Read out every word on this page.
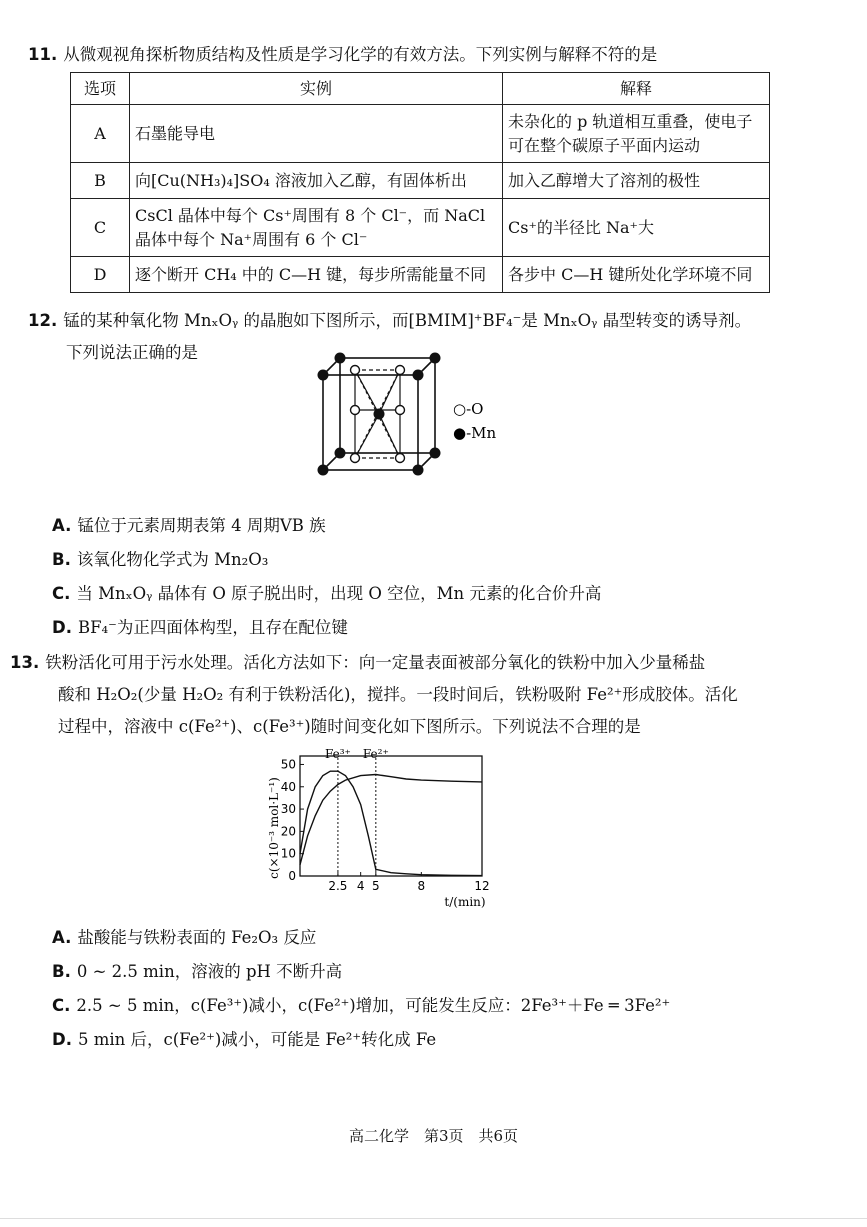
11. 从微观视角探析物质结构及性质是学习化学的有效方法。下列实例与解释不符的是
选项	实例	解释
A	石墨能导电	未杂化的 p 轨道相互重叠，使电子可在整个碳原子平面内运动
B	向[Cu(NH₃)₄]SO₄ 溶液加入乙醇，有固体析出	加入乙醇增大了溶剂的极性
C	CsCl 晶体中每个 Cs⁺周围有 8 个 Cl⁻，而 NaCl 晶体中每个 Na⁺周围有 6 个 Cl⁻	Cs⁺的半径比 Na⁺大
D	逐个断开 CH₄ 中的 C—H 键，每步所需能量不同	各步中 C—H 键所处化学环境不同
12. 锰的某种氧化物 MnₓOᵧ 的晶胞如下图所示，而[BMIM]⁺BF₄⁻是 MnₓOᵧ 晶型转变的诱导剂。
下列说法正确的是
○-O
●-Mn
A. 锰位于元素周期表第 4 周期VB 族
B. 该氧化物化学式为 Mn₂O₃
C. 当 MnₓOᵧ 晶体有 O 原子脱出时，出现 O 空位，Mn 元素的化合价升高
D. BF₄⁻为正四面体构型，且存在配位键
13. 铁粉活化可用于污水处理。活化方法如下：向一定量表面被部分氧化的铁粉中加入少量稀盐
酸和 H₂O₂(少量 H₂O₂ 有利于铁粉活化)，搅拌。一段时间后，铁粉吸附 Fe²⁺形成胶体。活化
过程中，溶液中 c(Fe²⁺)、c(Fe³⁺)随时间变化如下图所示。下列说法不合理的是
c(×10⁻³ mol·L⁻¹)
t/(min)
0
10
20
30
40
50
2.5 4 5	8	12
Fe³⁺ Fe²⁺
A. 盐酸能与铁粉表面的 Fe₂O₃ 反应
B. 0 ~ 2.5 min，溶液的 pH 不断升高
C. 2.5 ~ 5 min，c(Fe³⁺)减小，c(Fe²⁺)增加，可能发生反应：2Fe³⁺＋Fe ═ 3Fe²⁺
D. 5 min 后，c(Fe²⁺)减小，可能是 Fe²⁺转化成 Fe
高二化学　第3页　共6页
